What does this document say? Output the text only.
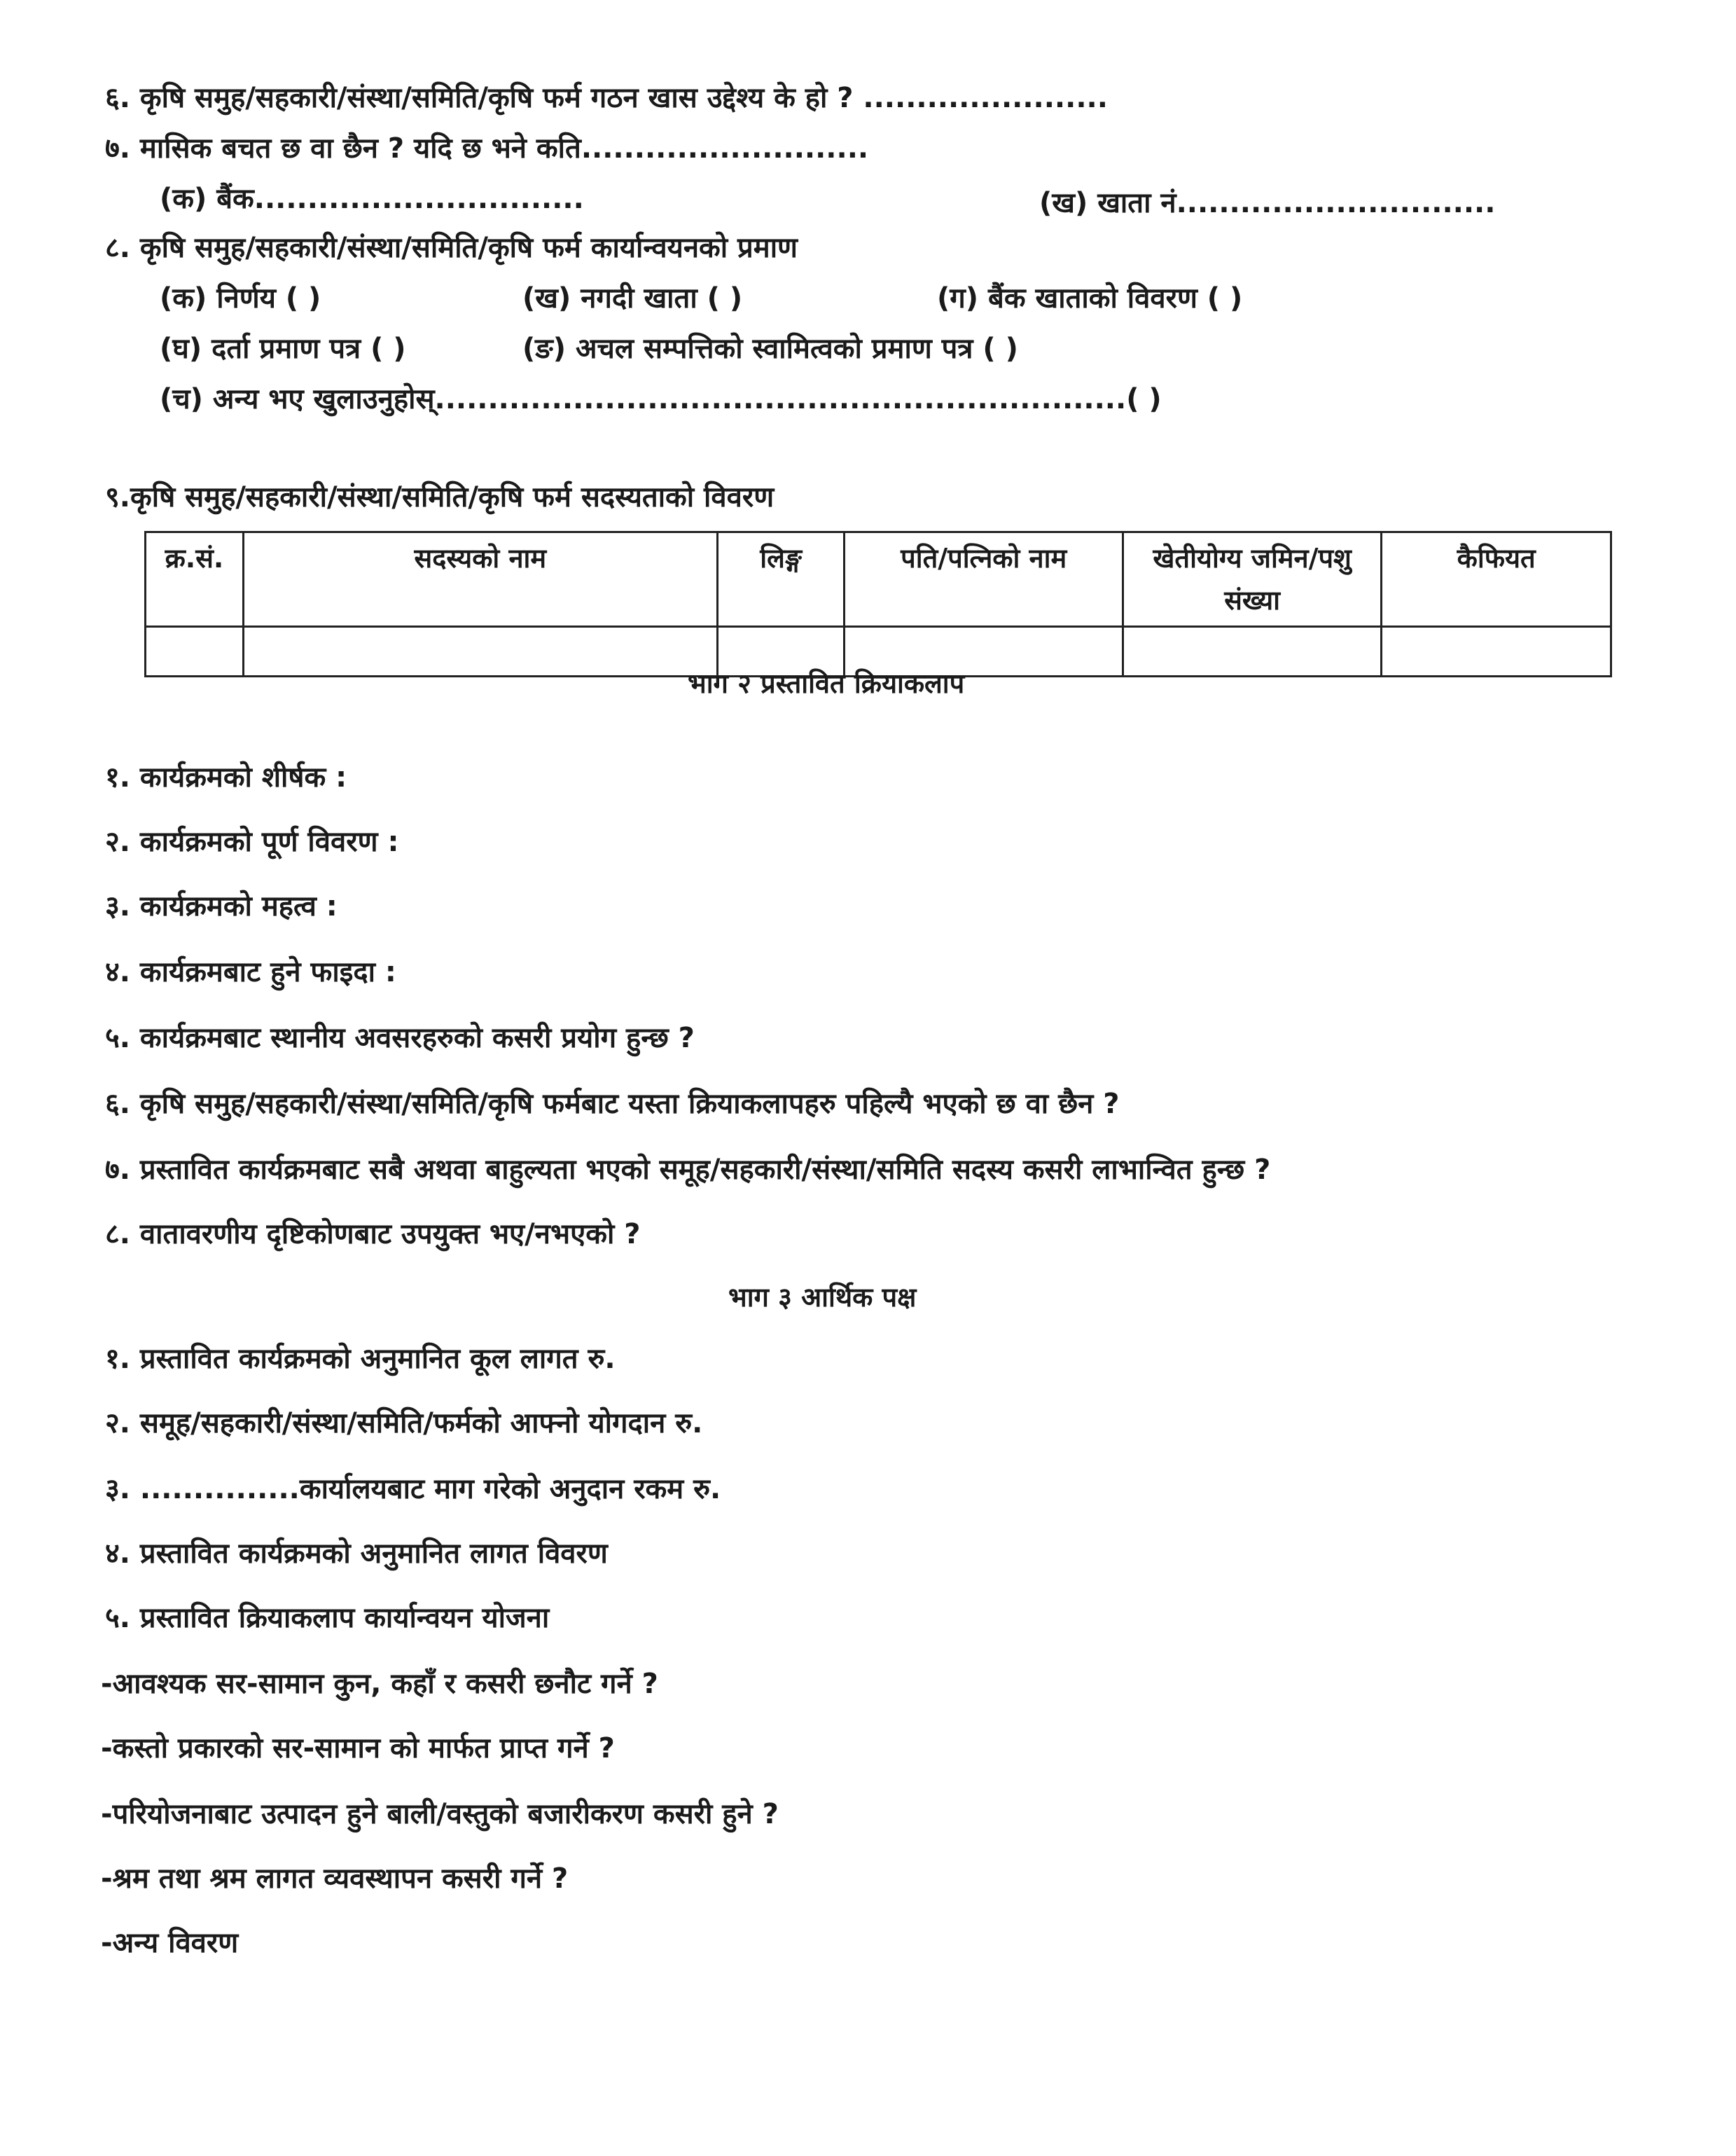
६. कृषि समुह/सहकारी/संस्था/समिति/कृषि फर्म गठन खास उद्देश्य के हो ? .......................
७. मासिक बचत छ वा छैन ? यदि छ भने कति...........................
(क) बैंक...............................	(ख) खाता नं..............................
८. कृषि समुह/सहकारी/संस्था/समिति/कृषि फर्म कार्यान्वयनको प्रमाण
(क) निर्णय ( )	(ख) नगदी खाता ( )	(ग) बैंक खाताको विवरण ( )
(घ) दर्ता प्रमाण पत्र ( )	(ङ) अचल सम्पत्तिको स्वामित्वको प्रमाण पत्र ( )
(च) अन्य भए खुलाउनुहोस्.................................................................( )
९.कृषि समुह/सहकारी/संस्था/समिति/कृषि फर्म सदस्यताको विवरण
क्र.सं.	सदस्यको नाम	लिङ्ग	पति/पत्निको नाम	खेतीयोग्य जमिन/पशु संख्या	कैफियत

भाग २ प्रस्तावित क्रियाकलाप
१. कार्यक्रमको शीर्षक :
२. कार्यक्रमको पूर्ण विवरण :
३. कार्यक्रमको महत्व :
४. कार्यक्रमबाट हुने फाइदा :
५. कार्यक्रमबाट स्थानीय अवसरहरुको कसरी प्रयोग हुन्छ ?
६. कृषि समुह/सहकारी/संस्था/समिति/कृषि फर्मबाट यस्ता क्रियाकलापहरु पहिल्यै भएको छ वा छैन ?
७. प्रस्तावित कार्यक्रमबाट सबै अथवा बाहुल्यता भएको समूह/सहकारी/संस्था/समिति सदस्य कसरी लाभान्वित हुन्छ ?
८. वातावरणीय दृष्टिकोणबाट उपयुक्त भए/नभएको ?
भाग ३ आर्थिक पक्ष
१. प्रस्तावित कार्यक्रमको अनुमानित कूल लागत रु.
२. समूह/सहकारी/संस्था/समिति/फर्मको आफ्नो योगदान रु.
३. ...............कार्यालयबाट माग गरेको अनुदान रकम रु.
४. प्रस्तावित कार्यक्रमको अनुमानित लागत विवरण
५. प्रस्तावित क्रियाकलाप कार्यान्वयन योजना
-आवश्यक सर-सामान कुन, कहाँ र कसरी छनौट गर्ने ?
-कस्तो प्रकारको सर-सामान को मार्फत प्राप्त गर्ने ?
-परियोजनाबाट उत्पादन हुने बाली/वस्तुको बजारीकरण कसरी हुने ?
-श्रम तथा श्रम लागत व्यवस्थापन कसरी गर्ने ?
-अन्य विवरण
